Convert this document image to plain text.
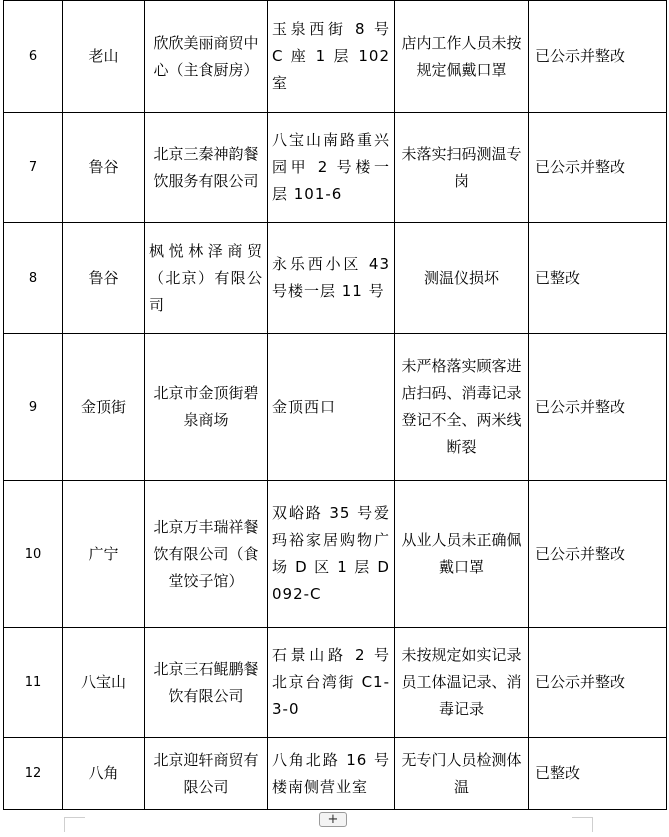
6	老山	欣欣美丽商贸中心（主食厨房）	玉泉西街 8 号 C 座 1 层 102 室	店内工作人员未按规定佩戴口罩	已公示并整改
7	鲁谷	北京三秦神韵餐饮服务有限公司	八宝山南路重兴园甲 2 号楼一层 101-6	未落实扫码测温专岗	已公示并整改
8	鲁谷	枫悦林泽商贸（北京）有限公司	永乐西小区 43 号楼一层 11 号	测温仪损坏	已整改
9	金顶街	北京市金顶街碧泉商场	金顶西口	未严格落实顾客进店扫码、消毒记录登记不全、两米线断裂	已公示并整改
10	广宁	北京万丰瑞祥餐饮有限公司（食堂饺子馆）	双峪路 35 号爱玛裕家居购物广场 D 区 1 层 D092-C	从业人员未正确佩戴口罩	已公示并整改
11	八宝山	北京三石鲲鹏餐饮有限公司	石景山路 2 号北京台湾街 C1-3-0	未按规定如实记录员工体温记录、消毒记录	已公示并整改
12	八角	北京迎轩商贸有限公司	八角北路 16 号楼南侧营业室	无专门人员检测体温	已整改
+
